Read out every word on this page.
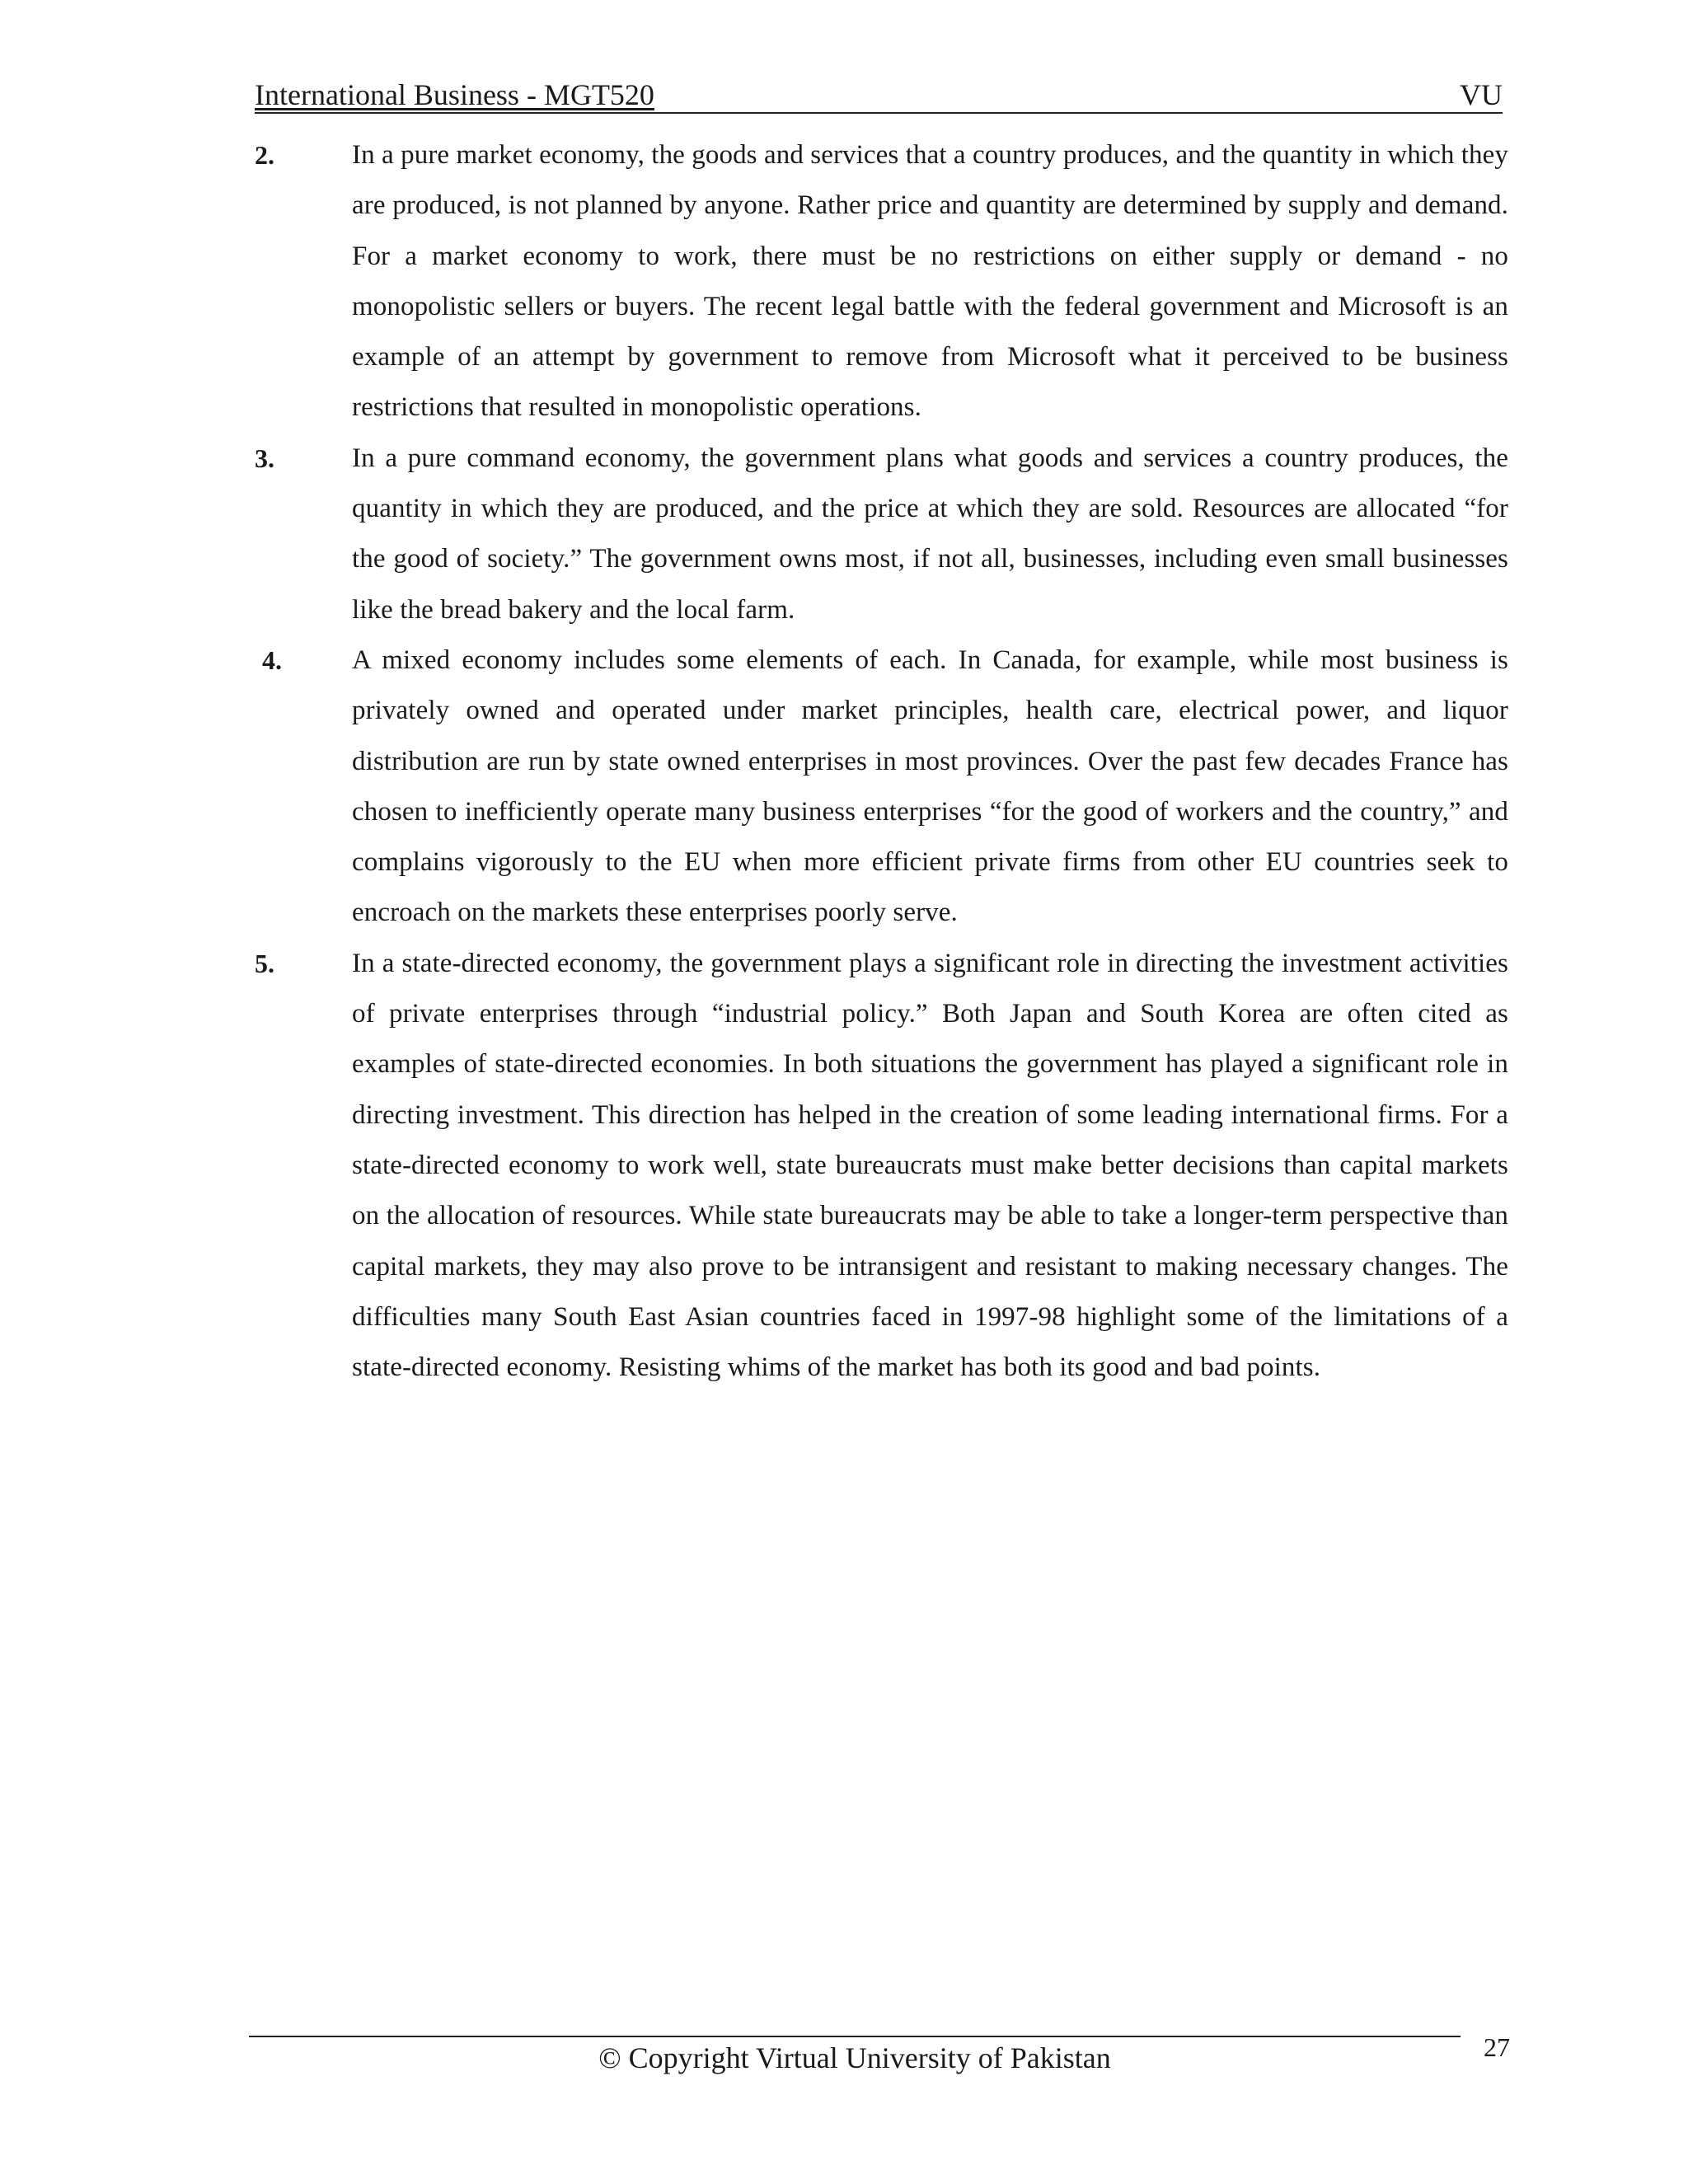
International Business - MGT520	VU
2.	In a pure market economy, the goods and services that a country produces, and the quantity in which they are produced, is not planned by anyone. Rather price and quantity are determined by supply and demand. For a market economy to work, there must be no restrictions on either supply or demand - no monopolistic sellers or buyers. The recent legal battle with the federal government and Microsoft is an example of an attempt by government to remove from Microsoft what it perceived to be business restrictions that resulted in monopolistic operations.
3.	In a pure command economy, the government plans what goods and services a country produces, the quantity in which they are produced, and the price at which they are sold. Resources are allocated “for the good of society.” The government owns most, if not all, businesses, including even small businesses like the bread bakery and the local farm.
4.	A mixed economy includes some elements of each. In Canada, for example, while most business is privately owned and operated under market principles, health care, electrical power, and liquor distribution are run by state owned enterprises in most provinces. Over the past few decades France has chosen to inefficiently operate many business enterprises “for the good of workers and the country,” and complains vigorously to the EU when more efficient private firms from other EU countries seek to encroach on the markets these enterprises poorly serve.
5.	In a state-directed economy, the government plays a significant role in directing the investment activities of private enterprises through “industrial policy.” Both Japan and South Korea are often cited as examples of state-directed economies. In both situations the government has played a significant role in directing investment. This direction has helped in the creation of some leading international firms. For a state-directed economy to work well, state bureaucrats must make better decisions than capital markets on the allocation of resources. While state bureaucrats may be able to take a longer-term perspective than capital markets, they may also prove to be intransigent and resistant to making necessary changes. The difficulties many South East Asian countries faced in 1997-98 highlight some of the limitations of a state-directed economy. Resisting whims of the market has both its good and bad points.
© Copyright Virtual University of Pakistan	27
